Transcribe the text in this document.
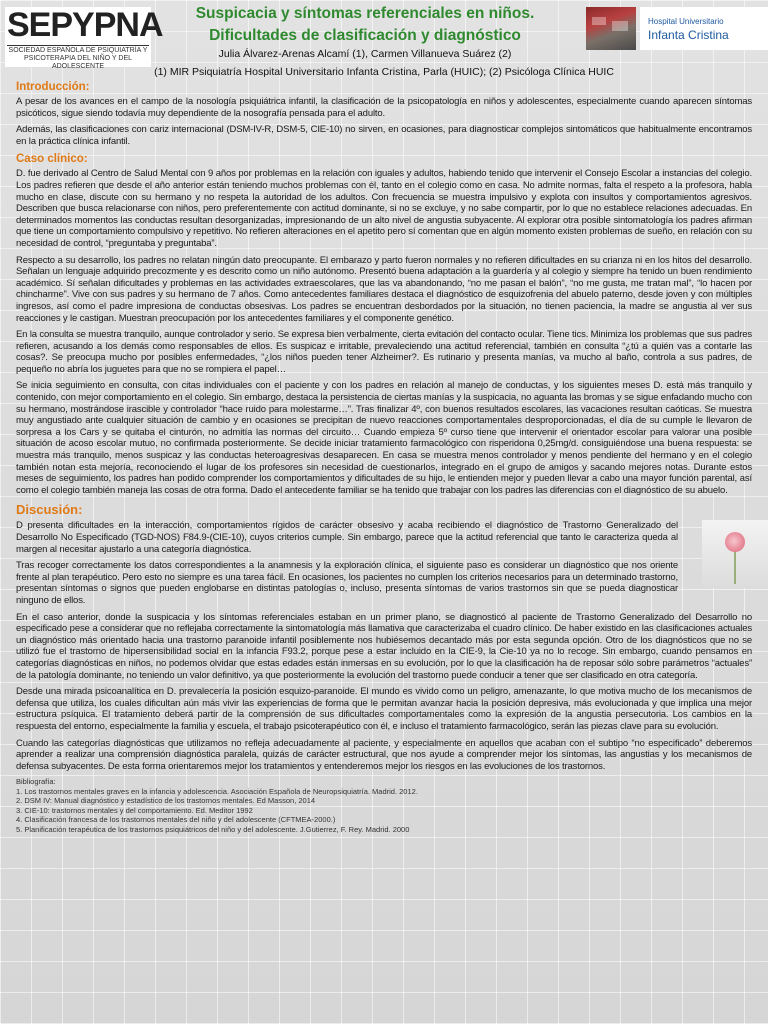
SEPYPNA
SOCIEDAD ESPAÑOLA DE PSIQUIATRÍA Y PSICOTERAPIA DEL NIÑO Y DEL ADOLESCENTE
Suspicacia y síntomas referenciales en niños.
Dificultades de clasificación y diagnóstico
Julia Álvarez-Arenas Alcamí (1), Carmen Villanueva Suárez (2)
Hospital Universitario
Infanta Cristina
(1) MIR Psiquiatría Hospital Universitario Infanta Cristina, Parla (HUIC); (2) Psicóloga Clínica HUIC
Introducción:

A pesar de los avances en el campo de la nosología psiquiátrica infantil, la clasificación de la psicopatología en niños y adolescentes, especialmente cuando aparecen síntomas psicóticos, sigue siendo todavía muy dependiente de la nosografía pensada para el adulto.

Además, las clasificaciones con cariz internacional (DSM-IV-R, DSM-5, CIE-10) no sirven, en ocasiones, para diagnosticar complejos sintomáticos que habitualmente encontramos en la práctica clínica infantil.

Caso clínico:

D. fue derivado al Centro de Salud Mental con 9 años por problemas en la relación con iguales y adultos, habiendo tenido que intervenir el Consejo Escolar a instancias del colegio. Los padres refieren que desde el año anterior están teniendo muchos problemas con él, tanto en el colegio como en casa. No admite normas, falta el respeto a la profesora, habla mucho en clase, discute con su hermano y no respeta la autoridad de los adultos. Con frecuencia se muestra impulsivo y explota con insultos y comportamientos agresivos. Describen que busca relacionarse con niños, pero preferentemente con actitud dominante, si no se excluye, y no sabe compartir, por lo que no establece relaciones adecuadas. En determinados momentos las conductas resultan desorganizadas, impresionando de un alto nivel de angustia subyacente. Al explorar otra posible sintomatología los padres afirman que tiene un comportamiento compulsivo y repetitivo. No refieren alteraciones en el apetito pero sí comentan que en algún momento existen problemas de sueño, en relación con su necesidad de control, “preguntaba y preguntaba”.

Respecto a su desarrollo, los padres no relatan ningún dato preocupante. El embarazo y parto fueron normales y no refieren dificultades en su crianza ni en los hitos del desarrollo. Señalan un lenguaje adquirido precozmente y es descrito como un niño autónomo. Presentó buena adaptación a la guardería y al colegio y siempre ha tenido un buen rendimiento académico. Sí señalan dificultades y problemas en las actividades extraescolares, que las va abandonando, “no me pasan el balón”, “no me gusta, me tratan mal”, “lo hacen por chincharme”. Vive con sus padres y su hermano de 7 años. Como antecedentes familiares destaca el diagnóstico de esquizofrenia del abuelo paterno, desde joven y con múltiples ingresos, así como el padre impresiona de conductas obsesivas. Los padres se encuentran desbordados por la situación, no tienen paciencia, la madre se angustia al ver sus reacciones y le castigan. Muestran preocupación por los antecedentes familiares y el componente genético.

En la consulta se muestra tranquilo, aunque controlador y serio. Se expresa bien verbalmente, cierta evitación del contacto ocular. Tiene tics. Minimiza los problemas que sus padres refieren, acusando a los demás como responsables de ellos. Es suspicaz e irritable, prevaleciendo una actitud referencial, también en consulta “¿tú a quién vas a contarle las cosas?. Se preocupa mucho por posibles enfermedades, “¿los niños pueden tener Alzheimer?. Es rutinario y presenta manías, va mucho al baño, controla a sus padres, de pequeño no abría los juguetes para que no se rompiera el papel…

Se inicia seguimiento en consulta, con citas individuales con el paciente y con los padres en relación al manejo de conductas, y los siguientes meses D. está más tranquilo y contenido, con mejor comportamiento en el colegio. Sin embargo, destaca la persistencia de ciertas manías y la suspicacia, no aguanta las bromas y se sigue enfadando mucho con su hermano, mostrándose irascible y controlador “hace ruido para molestarme…”. Tras finalizar 4º, con buenos resultados escolares, las vacaciones resultan caóticas. Se muestra muy angustiado ante cualquier situación de cambio y en ocasiones se precipitan de nuevo reacciones comportamentales desproporcionadas, el día de su cumple le llevaron de sorpresa a los Cars y se quitaba el cinturón, no admitía las normas del circuito… Cuando empieza 5º curso tiene que intervenir el orientador escolar para valorar una posible situación de acoso escolar mutuo, no confirmada posteriormente. Se decide iniciar tratamiento farmacológico con risperidona 0,25mg/d. consiguiéndose una buena respuesta: se muestra más tranquilo, menos suspicaz y las conductas heteroagresivas desaparecen. En casa se muestra menos controlador y menos pendiente del hermano y en el colegio también notan esta mejoría, reconociendo el lugar de los profesores sin necesidad de cuestionarlos, integrado en el grupo de amigos y sacando mejores notas. Durante estos meses de seguimiento, los padres han podido comprender los comportamientos y dificultades de su hijo, le entienden mejor y pueden llevar a cabo una mayor función parental, así como el colegio también maneja las cosas de otra forma. Dado el antecedente familiar se ha tenido que trabajar con los padres las diferencias con el diagnóstico de su abuelo.

Discusión:

D presenta dificultades en la interacción, comportamientos rígidos de carácter obsesivo y acaba recibiendo el diagnóstico de Trastorno Generalizado del Desarrollo No Especificado (TGD-NOS) F84.9-(CIE-10), cuyos criterios cumple. Sin embargo, parece que la actitud referencial que tanto le caracteriza queda al margen al necesitar ajustarlo a una categoría diagnóstica.

Tras recoger correctamente los datos correspondientes a la anamnesis y la exploración clínica, el siguiente paso es considerar un diagnóstico que nos oriente frente al plan terapéutico. Pero esto no siempre es una tarea fácil. En ocasiones, los pacientes no cumplen los criterios necesarios para un determinado trastorno, presentan síntomas o signos que pueden englobarse en distintas patologías o, incluso, presenta síntomas de varios trastornos sin que se pueda diagnosticar ninguno de ellos.

En el caso anterior, donde la suspicacia y los síntomas referenciales estaban en un primer plano, se diagnosticó al paciente de Trastorno Generalizado del Desarrollo no especificado pese a considerar que no reflejaba correctamente la sintomatología más llamativa que caracterizaba el cuadro clínico. De haber existido en las clasificaciones actuales un diagnóstico más orientado hacia una trastorno paranoide infantil posiblemente nos hubiésemos decantado más por esta segunda opción. Otro de los diagnósticos que no se utilizó fue el trastorno de hipersensibilidad social en la infancia F93.2, porque pese a estar incluido en la CIE-9, la Cie-10 ya no lo recoge. Sin embargo, cuando pensamos en categorías diagnósticas en niños, no podemos olvidar que estas edades están inmersas en su evolución, por lo que la clasificación ha de reposar sólo sobre parámetros “actuales” de la patología dominante, no teniendo un valor definitivo, ya que posteriormente la evolución del trastorno puede conducir a tener que ser clasificado en otra categoría.

Desde una mirada psicoanalítica en D. prevalecería la posición esquizo-paranoide. El mundo es vivido como un peligro, amenazante, lo que motiva mucho de los mecanismos de defensa que utiliza, los cuales dificultan aún más vivir las experiencias de forma que le permitan avanzar hacia la posición depresiva, más evolucionada y que implica una mejor estructura psíquica. El tratamiento deberá partir de la comprensión de sus dificultades comportamentales como la expresión de la angustia persecutoria. Los cambios en la respuesta del entorno, especialmente la familia y escuela, el trabajo psicoterapéutico con él, e incluso el tratamiento farmacológico, serán las piezas clave para su evolución.

Cuando las categorías diagnósticas que utilizamos no refleja adecuadamente al paciente, y especialmente en aquellos que acaban con el subtipo “no especificado” deberemos aprender a realizar una comprensión diagnóstica paralela, quizás de carácter estructural, que nos ayude a comprender mejor los síntomas, las angustias y los mecanismos de defensa subyacentes. De esta forma orientaremos mejor los tratamientos y entenderemos mejor los riesgos en las evoluciones de los trastornos.

Bibliografía:
1. Los trastornos mentales graves en la infancia y adolescencia. Asociación Española de Neuropsiquiatría. Madrid. 2012.
2. DSM IV: Manual diagnóstico y estadístico de los trastornos mentales. Ed Masson, 2014
3. CIE-10: trastornos mentales y del comportamiento. Ed. Meditor 1992
4. Clasificación francesa de los trastornos mentales del niño y del adolescente (CFTMEA-2000.)
5. Planificación terapéutica de los trastornos psiquiátricos del niño y del adolescente. J.Gutierrez, F. Rey. Madrid. 2000
